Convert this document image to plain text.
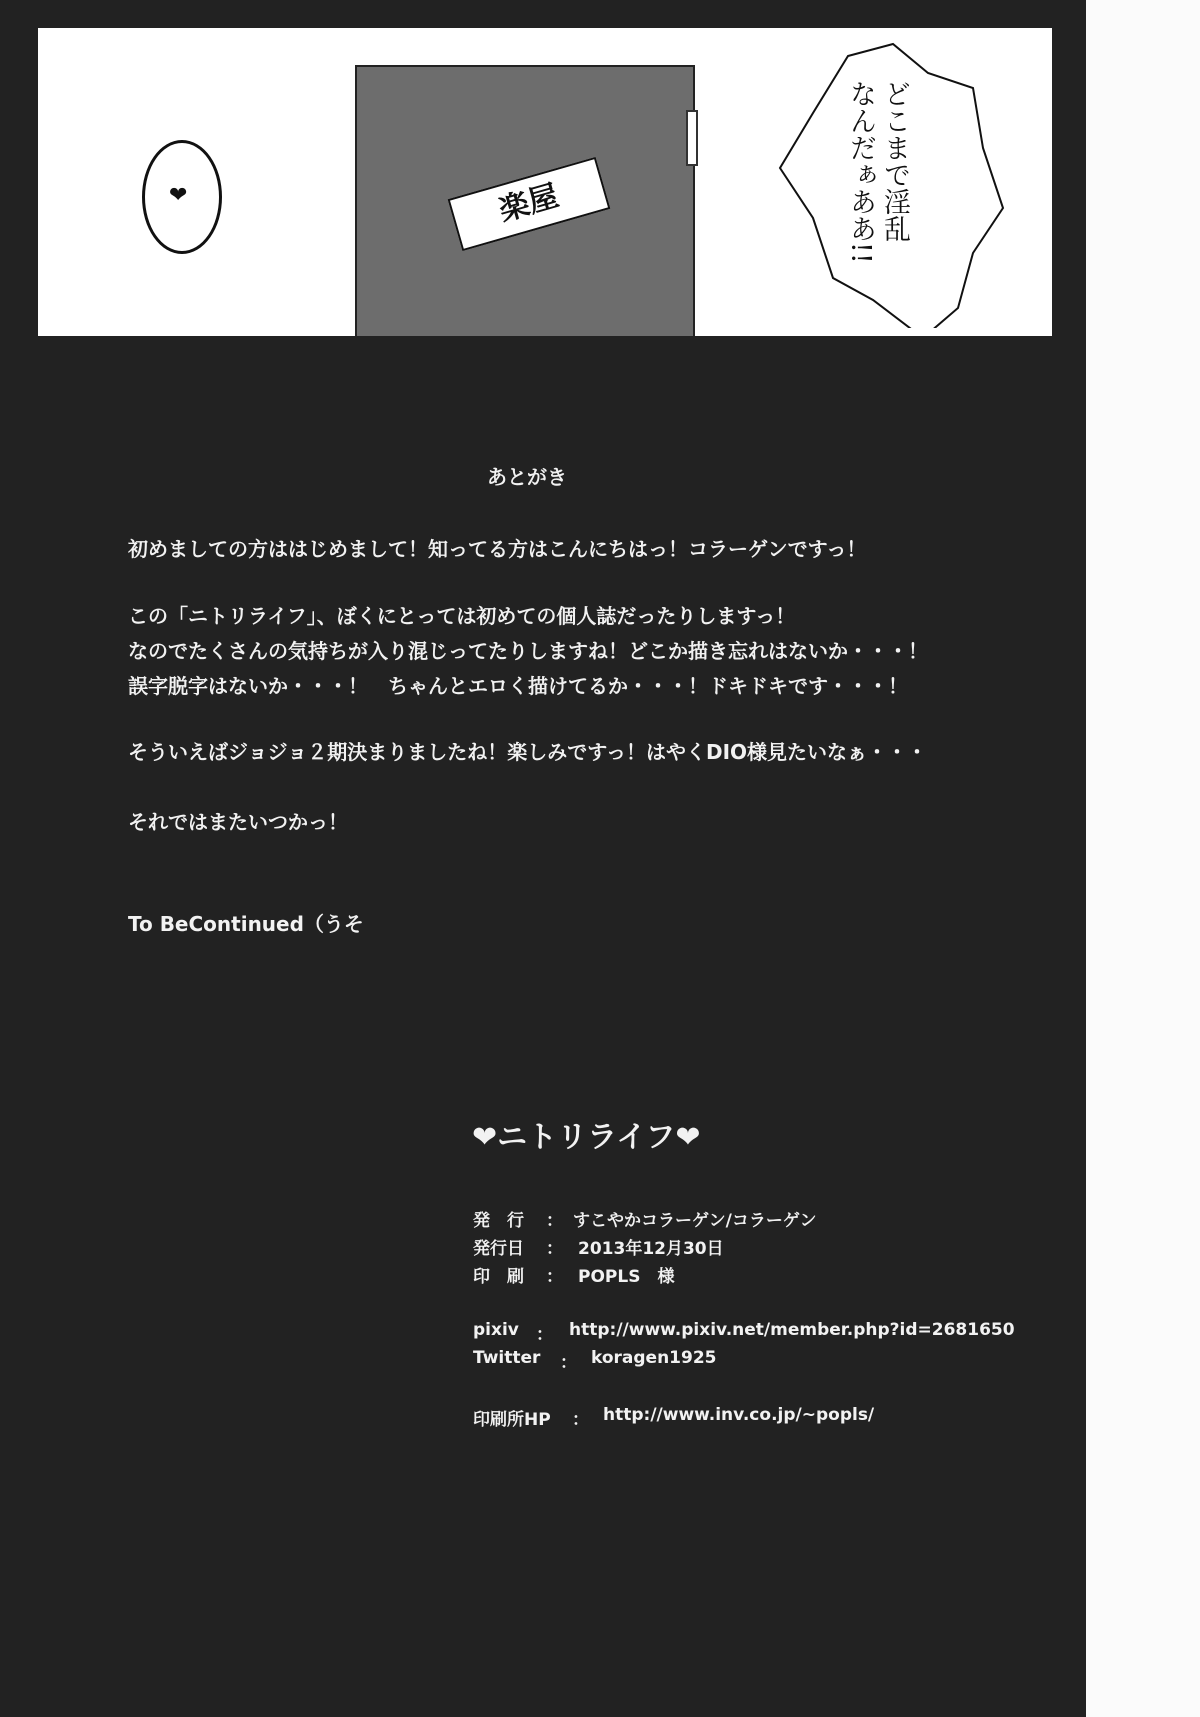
❤	楽屋	どこまで淫乱
なんだぁああ!!
あとがき
初めましての方ははじめまして！知ってる方はこんにちはっ！コラーゲンですっ！
この「ニトリライフ」、ぼくにとっては初めての個人誌だったりしますっ！
なのでたくさんの気持ちが入り混じってたりしますね！どこか描き忘れはないか・・・！
誤字脱字はないか・・・！　ちゃんとエロく描けてるか・・・！ドキドキです・・・！
そういえばジョジョ２期決まりましたね！楽しみですっ！はやくDIO様見たいなぁ・・・
それではまたいつかっ！
To BeContinued（うそ
❤ニトリライフ❤
発　行 ： すこやかコラーゲン/コラーゲン
発行日 ： 2013年12月30日
印　刷 ： POPLS　様
pixiv ： http://www.pixiv.net/member.php?id=2681650
Twitter ： koragen1925
印刷所HP ： http://www.inv.co.jp/~popls/
